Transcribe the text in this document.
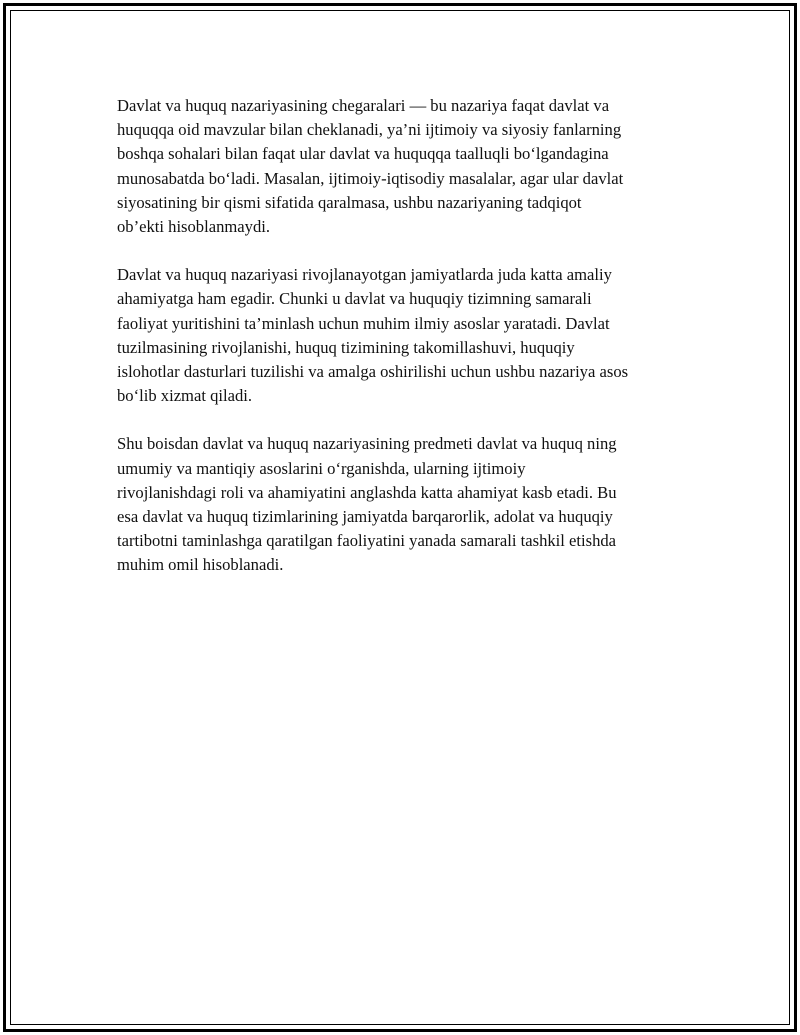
Davlat va huquq nazariyasining chegaralari — bu nazariya faqat davlat va
huquqqa oid mavzular bilan cheklanadi, ya’ni ijtimoiy va siyosiy fanlarning
boshqa sohalari bilan faqat ular davlat va huquqqa taalluqli bo‘lgandagina
munosabatda bo‘ladi. Masalan, ijtimoiy-iqtisodiy masalalar, agar ular davlat
siyosatining bir qismi sifatida qaralmasa, ushbu nazariyaning tadqiqot
ob’ekti hisoblanmaydi.

Davlat va huquq nazariyasi rivojlanayotgan jamiyatlarda juda katta amaliy
ahamiyatga ham egadir. Chunki u davlat va huquqiy tizimning samarali
faoliyat yuritishini ta’minlash uchun muhim ilmiy asoslar yaratadi. Davlat
tuzilmasining rivojlanishi, huquq tizimining takomillashuvi, huquqiy
islohotlar dasturlari tuzilishi va amalga oshirilishi uchun ushbu nazariya asos
bo‘lib xizmat qiladi.

Shu boisdan davlat va huquq nazariyasining predmeti davlat va huquq ning
umumiy va mantiqiy asoslarini o‘rganishda, ularning ijtimoiy
rivojlanishdagi roli va ahamiyatini anglashda katta ahamiyat kasb etadi. Bu
esa davlat va huquq tizimlarining jamiyatda barqarorlik, adolat va huquqiy
tartibotni taminlashga qaratilgan faoliyatini yanada samarali tashkil etishda
muhim omil hisoblanadi.
